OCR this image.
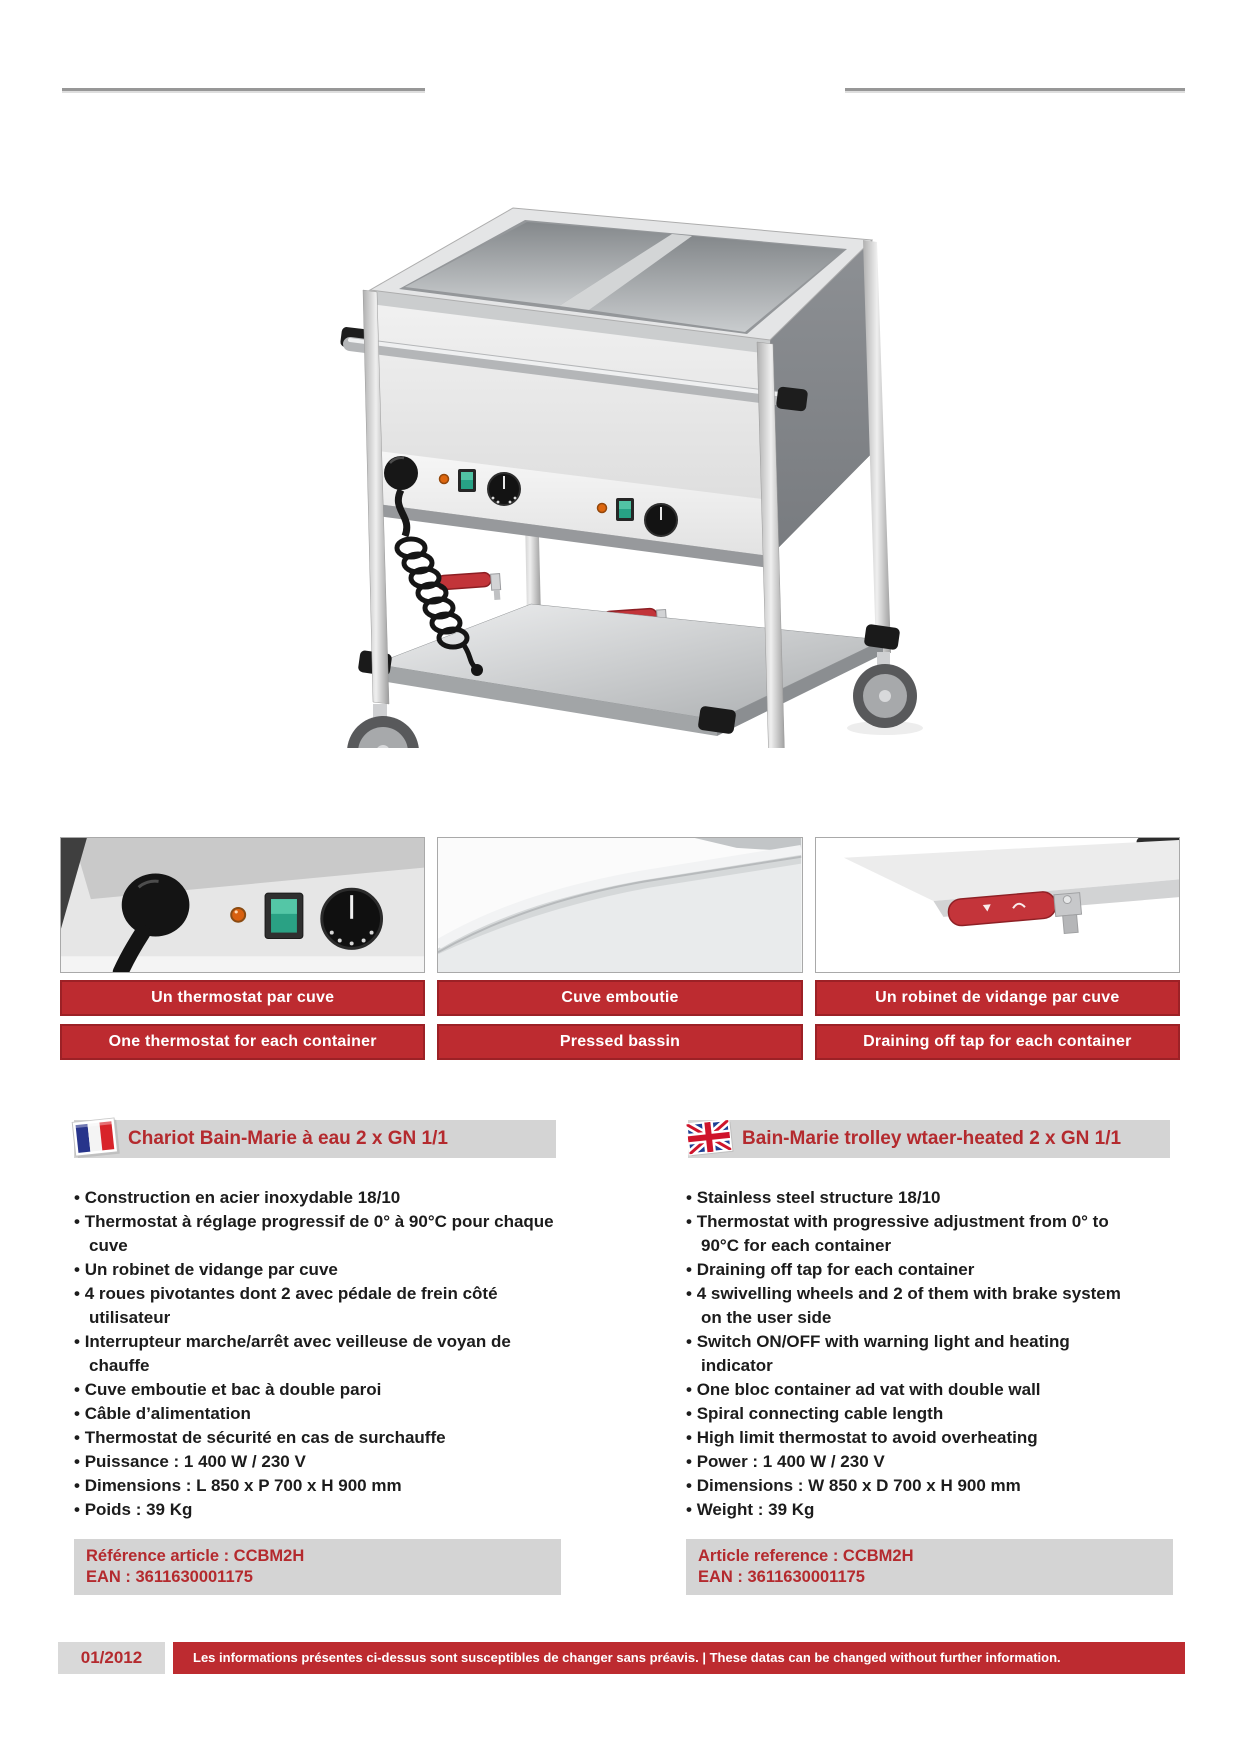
Un thermostat par cuve	Cuve emboutie	Un robinet de vidange par cuve
One thermostat for each container	Pressed bassin	Draining off tap for each container
Chariot Bain-Marie à eau 2 x GN 1/1	Bain-Marie trolley wtaer-heated 2 x GN 1/1
• Construction en acier inoxydable 18/10
• Thermostat à réglage progressif de 0° à 90°C pour chaque cuve
• Un robinet de vidange par cuve
• 4 roues pivotantes dont 2 avec pédale de frein côté utilisateur
• Interrupteur marche/arrêt avec veilleuse de voyan de chauffe
• Cuve emboutie et bac à double paroi
• Câble d’alimentation
• Thermostat de sécurité en cas de surchauffe
• Puissance : 1 400 W / 230 V
• Dimensions : L 850 x P 700 x H 900 mm
• Poids : 39 Kg
• Stainless steel structure 18/10
• Thermostat with progressive adjustment from 0° to 90°C for each container
• Draining off tap for each container
• 4 swivelling wheels and 2 of them with brake system on the user side
• Switch ON/OFF with warning light and heating indicator
• One bloc container ad vat with double wall
• Spiral connecting cable length
• High limit thermostat to avoid overheating
• Power : 1 400 W / 230 V
• Dimensions : W 850 x D 700 x H 900 mm
• Weight : 39 Kg
Référence article : CCBM2H
EAN : 3611630001175
Article reference : CCBM2H
EAN : 3611630001175
01/2012	Les informations présentes ci-dessus sont susceptibles de changer sans préavis. | These datas can be changed without further information.
